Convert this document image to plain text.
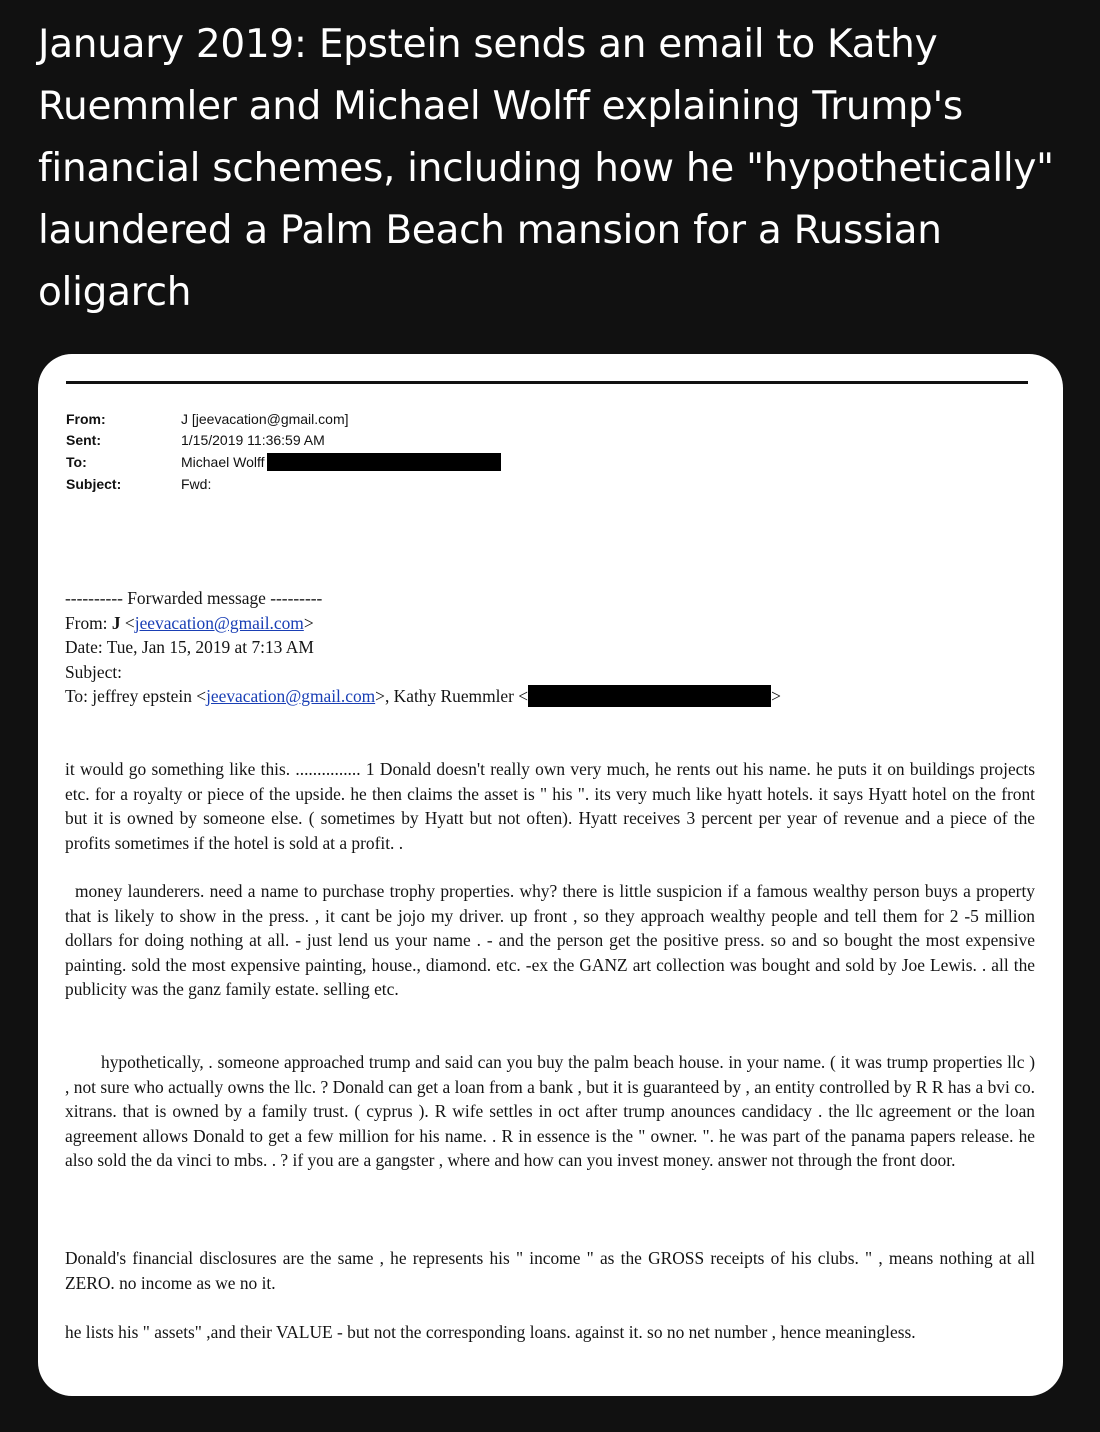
January 2019: Epstein sends an email to Kathy Ruemmler and Michael Wolff explaining Trump's financial schemes, including how he "hypothetically" laundered a Palm Beach mansion for a Russian oligarch

From:	J [jeevacation@gmail.com]

Sent:	1/15/2019 11:36:59 AM

To:	Michael Wolff

Subject:	Fwd:

---------- Forwarded message ---------

From: J <jeevacation@gmail.com>

Date: Tue, Jan 15, 2019 at 7:13 AM

Subject:

To: jeffrey epstein <jeevacation@gmail.com>, Kathy Ruemmler <	>

it would go something like this. ............... 1 Donald doesn't really own very much, he rents out his name. he puts it on buildings projects etc. for a royalty or piece of the upside. he then claims the asset is " his ". its very much like hyatt hotels. it says Hyatt hotel on the front but it is owned by someone else. ( sometimes by Hyatt but not often). Hyatt receives 3 percent per year of revenue and a piece of the profits sometimes if the hotel is sold at a profit. .

money launderers. need a name to purchase trophy properties. why? there is little suspicion if a famous wealthy person buys a property that is likely to show in the press. , it cant be jojo my driver. up front , so they approach wealthy people and tell them for 2 -5 million dollars for doing nothing at all. - just lend us your name . - and the person get the positive press. so and so bought the most expensive painting. sold the most expensive painting, house., diamond. etc. -ex the GANZ art collection was bought and sold by Joe Lewis. . all the publicity was the ganz family estate. selling etc.

hypothetically, . someone approached trump and said can you buy the palm beach house. in your name. ( it was trump properties llc ) , not sure who actually owns the llc. ? Donald can get a loan from a bank , but it is guaranteed by , an entity controlled by R R has a bvi co. xitrans. that is owned by a family trust. ( cyprus ). R wife settles in oct after trump anounces candidacy . the llc agreement or the loan agreement allows Donald to get a few million for his name. . R in essence is the " owner. ". he was part of the panama papers release. he also sold the da vinci to mbs. . ? if you are a gangster , where and how can you invest money. answer not through the front door.

Donald's financial disclosures are the same , he represents his " income " as the GROSS receipts of his clubs. " , means nothing at all ZERO. no income as we no it.

he lists his " assets" ,and their VALUE - but not the corresponding loans. against it. so no net number , hence meaningless.
